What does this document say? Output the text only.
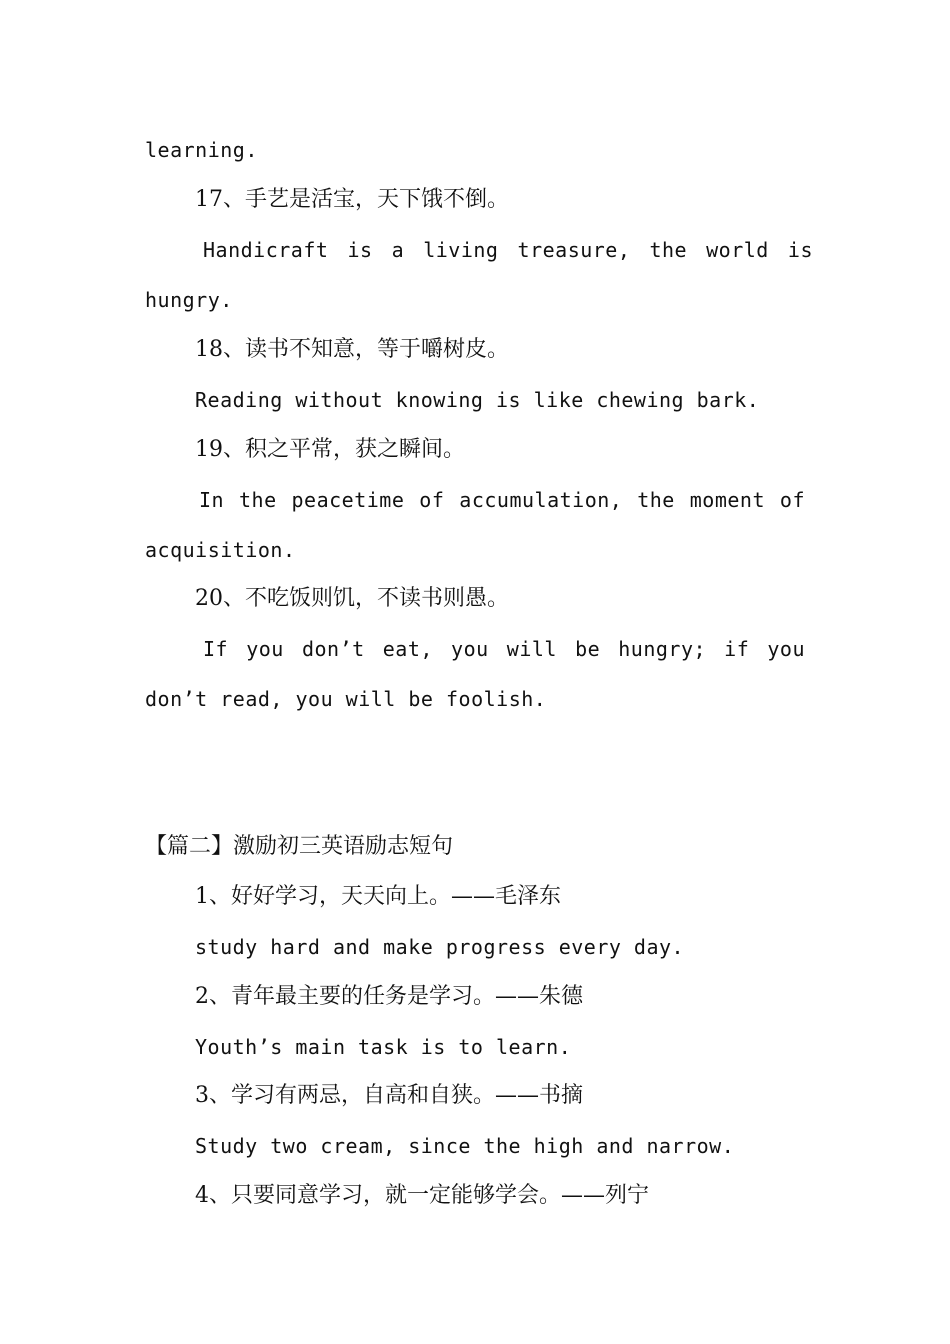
learning.
17、手艺是活宝，天下饿不倒。
Handicraft is a living treasure, the world is
hungry.
18、读书不知意，等于嚼树皮。
Reading without knowing is like chewing bark.
19、积之平常，获之瞬间。
In the peacetime of accumulation, the moment of
acquisition.
20、不吃饭则饥，不读书则愚。
If you don’t eat, you will be hungry; if you
don’t read, you will be foolish.
【篇二】激励初三英语励志短句
1、好好学习，天天向上。——毛泽东
study hard and make progress every day.
2、青年最主要的任务是学习。——朱德
Youth’s main task is to learn.
3、学习有两忌，自高和自狭。——书摘
Study two cream, since the high and narrow.
4、只要同意学习，就一定能够学会。——列宁
